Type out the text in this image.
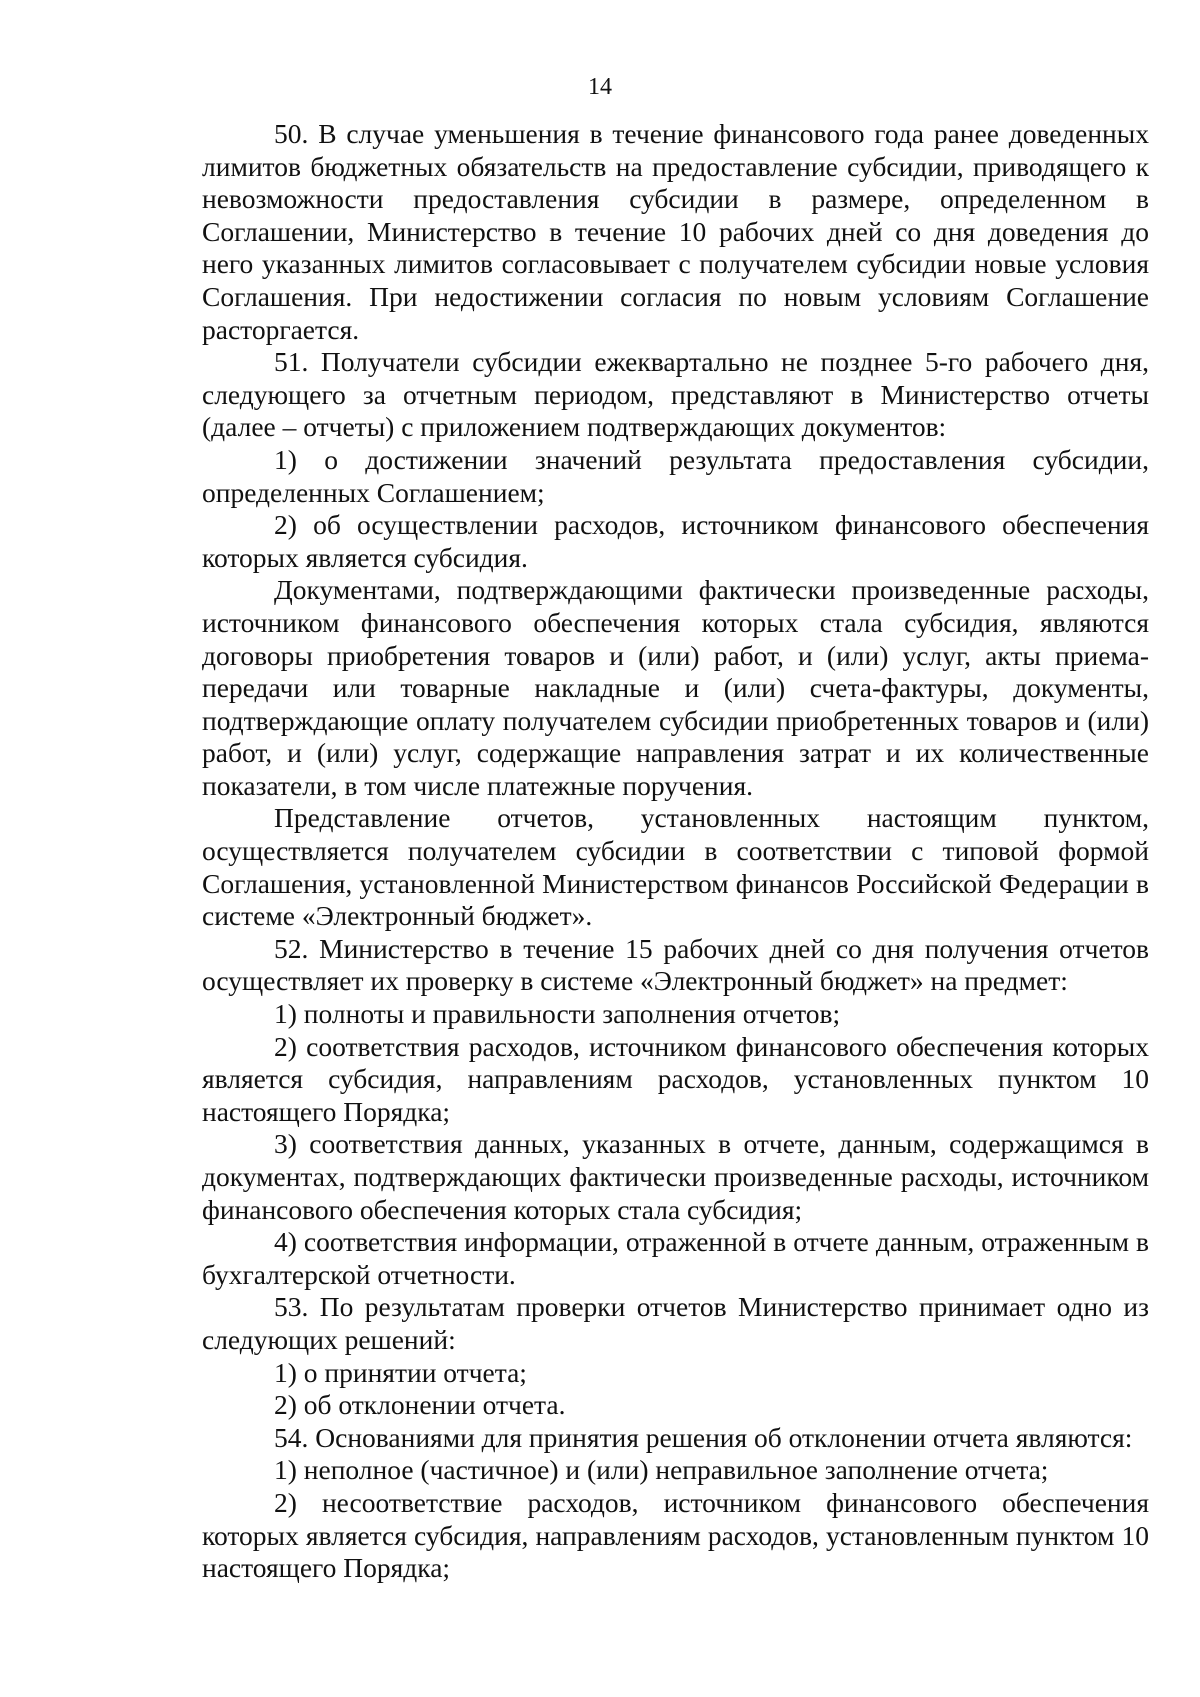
14

50. В случае уменьшения в течение финансового года ранее доведенных лимитов бюджетных обязательств на предоставление субсидии, приводящего к невозможности предоставления субсидии в размере, определенном в Соглашении, Министерство в течение 10 рабочих дней со дня доведения до него указанных лимитов согласовывает с получателем субсидии новые условия Соглашения. При недостижении согласия по новым условиям Соглашение расторгается.

51. Получатели субсидии ежеквартально не позднее 5-го рабочего дня, следующего за отчетным периодом, представляют в Министерство отчеты (далее – отчеты) с приложением подтверждающих документов:

1) о достижении значений результата предоставления субсидии, определенных Соглашением;

2) об осуществлении расходов, источником финансового обеспечения которых является субсидия.

Документами, подтверждающими фактически произведенные расходы, источником финансового обеспечения которых стала субсидия, являются договоры приобретения товаров и (или) работ, и (или) услуг, акты приема-передачи или товарные накладные и (или) счета-фактуры, документы, подтверждающие оплату получателем субсидии приобретенных товаров и (или) работ, и (или) услуг, содержащие направления затрат и их количественные показатели, в том числе платежные поручения.

Представление отчетов, установленных настоящим пунктом, осуществляется получателем субсидии в соответствии с типовой формой Соглашения, установленной Министерством финансов Российской Федерации в системе «Электронный бюджет».

52. Министерство в течение 15 рабочих дней со дня получения отчетов осуществляет их проверку в системе «Электронный бюджет» на предмет:

1) полноты и правильности заполнения отчетов;

2) соответствия расходов, источником финансового обеспечения которых является субсидия, направлениям расходов, установленных пунктом 10 настоящего Порядка;

3) соответствия данных, указанных в отчете, данным, содержащимся в документах, подтверждающих фактически произведенные расходы, источником финансового обеспечения которых стала субсидия;

4) соответствия информации, отраженной в отчете данным, отраженным в бухгалтерской отчетности.

53. По результатам проверки отчетов Министерство принимает одно из следующих решений:

1) о принятии отчета;

2) об отклонении отчета.

54. Основаниями для принятия решения об отклонении отчета являются:

1) неполное (частичное) и (или) неправильное заполнение отчета;

2) несоответствие расходов, источником финансового обеспечения которых является субсидия, направлениям расходов, установленным пунктом 10 настоящего Порядка;
